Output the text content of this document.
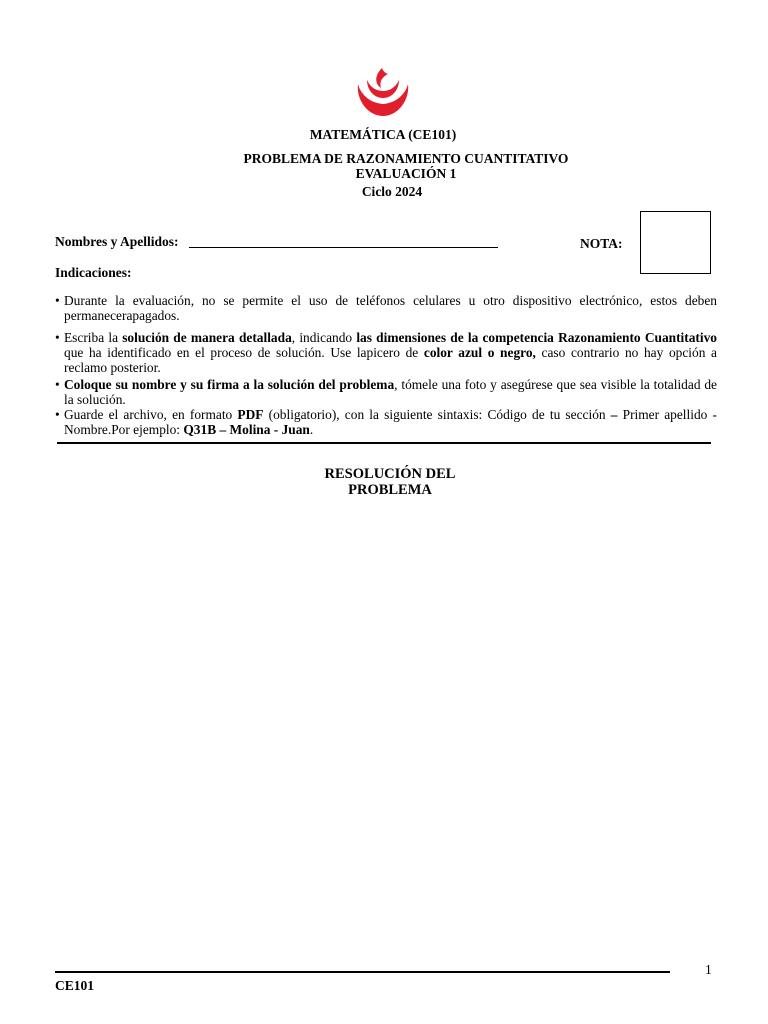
MATEMÁTICA (CE101)
PROBLEMA DE RAZONAMIENTO CUANTITATIVO
EVALUACIÓN 1
Ciclo 2024
Nombres y Apellidos:	NOTA:
Indicaciones:
• Durante la evaluación, no se permite el uso de teléfonos celulares u otro dispositivo electrónico, estos deben
permanecerapagados.
• Escriba la solución de manera detallada, indicando las dimensiones de la competencia Razonamiento Cuantitativo que ha identificado en el proceso de solución. Use lapicero de color azul o negro, caso contrario no hay opción a reclamo posterior.
• Coloque su nombre y su firma a la solución del problema, tómele una foto y asegúrese que sea visible la totalidad de la solución.
• Guarde el archivo, en formato PDF (obligatorio), con la siguiente sintaxis: Código de tu sección – Primer apellido - Nombre.Por ejemplo: Q31B – Molina - Juan.
RESOLUCIÓN DEL
PROBLEMA
1
CE101
